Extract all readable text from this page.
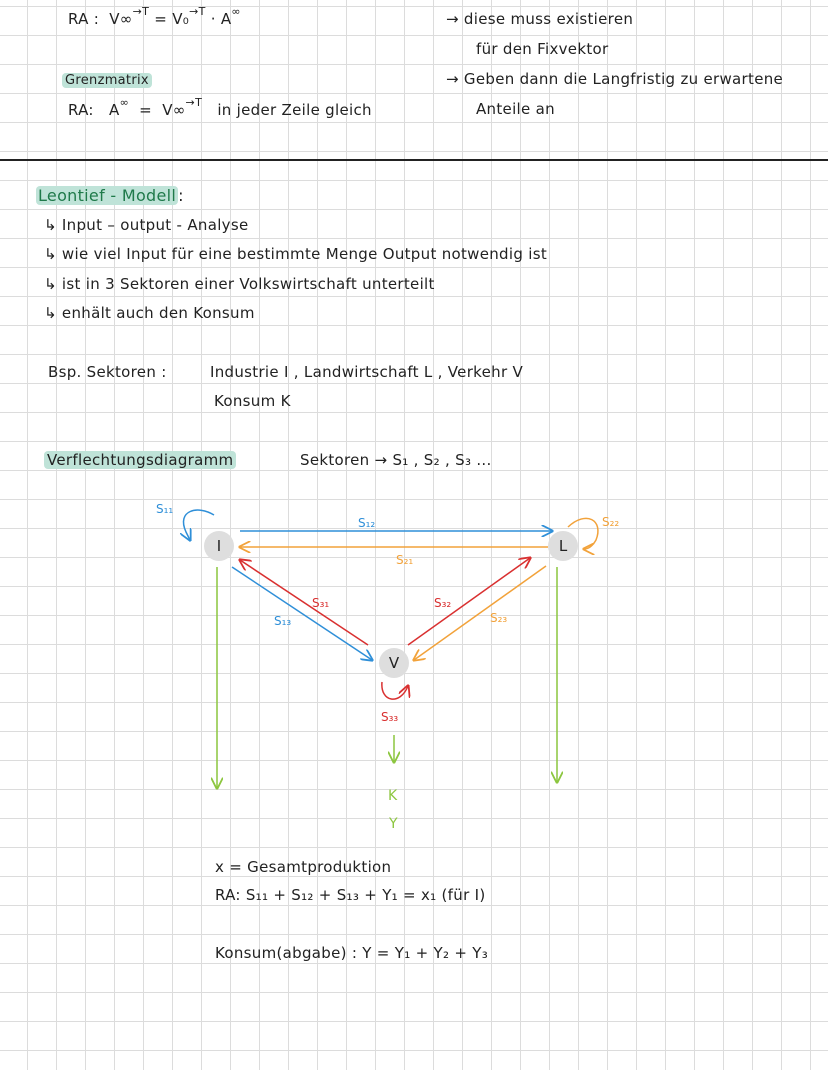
RA : V∞$^{\to T}$ = V₀$^{\to T}$ · A∞	→ diese muss existieren
für den Fixvektor
Grenzmatrix	→ Geben dann die Langfristig zu erwartene
Anteile an
RA: A∞ = V∞$^{\to T}$ in jeder Zeile gleich
Leontief - Modell :
↳ Input – output - Analyse
↳ wie viel Input für eine bestimmte Menge Output notwendig ist
↳ ist in 3 Sektoren einer Volkswirtschaft unterteilt
↳ enhält auch den Konsum
Bsp. Sektoren :	Industrie I , Landwirtschaft L , Verkehr V
Konsum K
Verflechtungsdiagramm	Sektoren → S₁ , S₂ , S₃ ...
I	L
V
S₁₁
S₁₂
S₂₁
S₂₂
S₁₃
S₃₁	S₃₂
S₂₃
S₃₃
K
Y
x = Gesamtproduktion
RA: S₁₁ + S₁₂ + S₁₃ + Y₁ = x₁ (für I)
Konsum(abgabe) : Y = Y₁ + Y₂ + Y₃
